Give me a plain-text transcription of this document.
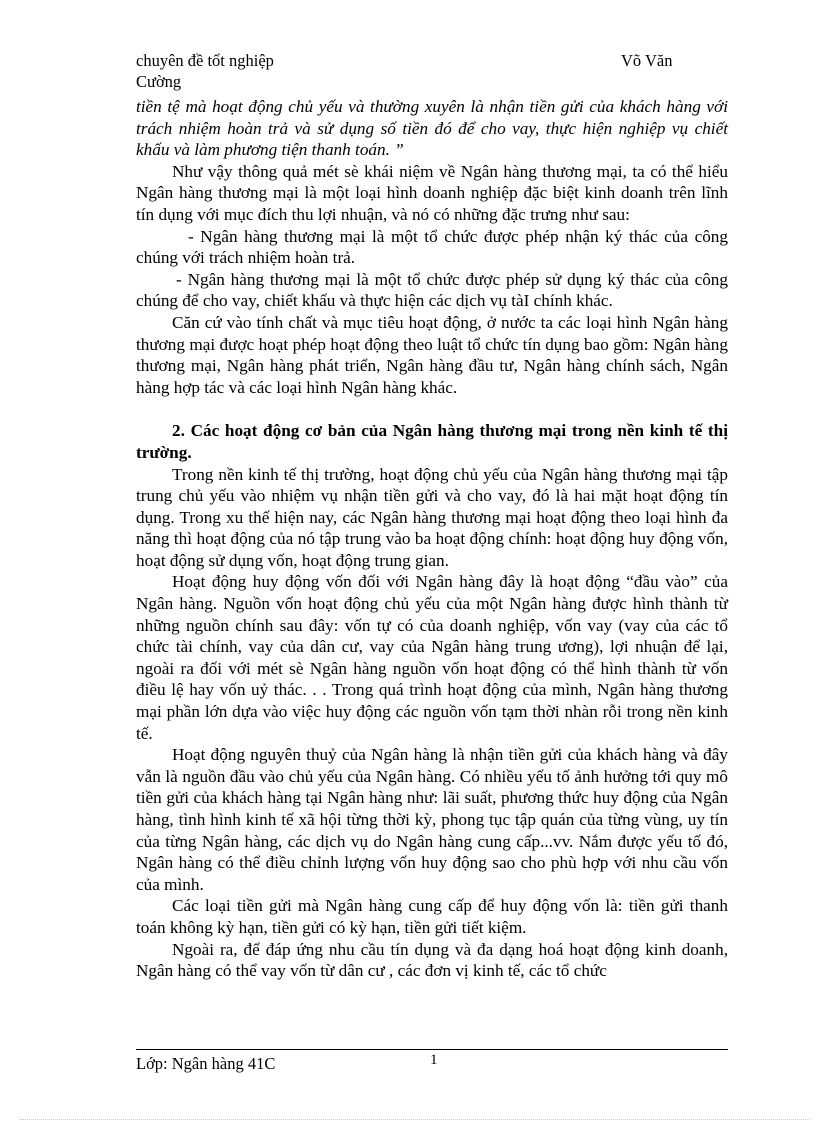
chuyên đề tốt nghiệp	Võ Văn
Cường

tiền tệ mà hoạt động chủ yếu và thường xuyên là nhận tiền gửi của khách hàng với trách nhiệm hoàn trả và sử dụng số tiền đó để cho vay, thực hiện nghiệp vụ chiết khấu và làm phương tiện thanh toán. ”

Như vậy thông quả mét sè khái niệm về Ngân hàng thương mại, ta có thể hiểu Ngân hàng thương mại là một loại hình doanh nghiệp đặc biệt kinh doanh trên lĩnh tín dụng với mục đích thu lợi nhuận, và nó có những đặc trưng như sau:

- Ngân hàng thương mại là một tổ chức được phép nhận ký thác của công chúng với trách nhiệm hoàn trả.

- Ngân hàng thương mại là một tổ chức được phép sử dụng ký thác của công chúng để cho vay, chiết khấu và thực hiện các dịch vụ tàI chính khác.

Căn cứ vào tính chất và mục tiêu hoạt động, ở nước ta các loại hình Ngân hàng thương mại được hoạt phép hoạt động theo luật tổ chức tín dụng bao gồm: Ngân hàng thương mại, Ngân hàng phát triển, Ngân hàng đầu tư, Ngân hàng chính sách, Ngân hàng hợp tác và các loại hình Ngân hàng khác.

2. Các hoạt động cơ bản của Ngân hàng thương mại trong nền kinh tế thị trường.

Trong nền kinh tế thị trường, hoạt động chủ yếu của Ngân hàng thương mại tập trung chủ yếu vào nhiệm vụ nhận tiền gửi và cho vay, đó là hai mặt hoạt động tín dụng. Trong xu thế hiện nay, các Ngân hàng thương mại hoạt động theo loại hình đa năng thì hoạt động của nó tập trung vào ba hoạt động chính: hoạt động huy động vốn, hoạt động sử dụng vốn, hoạt động trung gian.

Hoạt động huy động vốn đối với Ngân hàng đây là hoạt động “đầu vào” của Ngân hàng. Nguồn vốn hoạt động chủ yếu của một Ngân hàng được hình thành từ những nguồn chính sau đây: vốn tự có của doanh nghiệp, vốn vay (vay của các tổ chức tài chính, vay của dân cư, vay của Ngân hàng trung ương), lợi nhuận để lại, ngoài ra đối với mét sè Ngân hàng nguồn vốn hoạt động có thể hình thành từ vốn điều lệ hay vốn uỷ thác. . . Trong quá trình hoạt động của mình, Ngân hàng thương mại phần lớn dựa vào việc huy động các nguồn vốn tạm thời nhàn rỗi trong nền kinh tế.

Hoạt động nguyên thuỷ của Ngân hàng là nhận tiền gửi của khách hàng và đây vẫn là nguồn đầu vào chủ yếu của Ngân hàng. Có nhiều yếu tố ảnh hưởng tới quy mô tiền gửi của khách hàng tại Ngân hàng như: lãi suất, phương thức huy động của Ngân hàng, tình hình kinh tế xã hội từng thời kỳ, phong tục tập quán của từng vùng, uy tín của từng Ngân hàng, các dịch vụ do Ngân hàng cung cấp...vv. Nắm được yếu tố đó, Ngân hàng có thể điều chỉnh lượng vốn huy động sao cho phù hợp với nhu cầu vốn của mình.

Các loại tiền gửi mà Ngân hàng cung cấp để huy động vốn là: tiền gửi thanh toán không kỳ hạn, tiền gửi có kỳ hạn, tiền gửi tiết kiệm.

Ngoài ra, để đáp ứng nhu cầu tín dụng và đa dạng hoá hoạt động kinh doanh, Ngân hàng có thể vay vốn từ dân cư , các đơn vị kinh tế, các tổ chức

Lớp: Ngân hàng 41C	1
